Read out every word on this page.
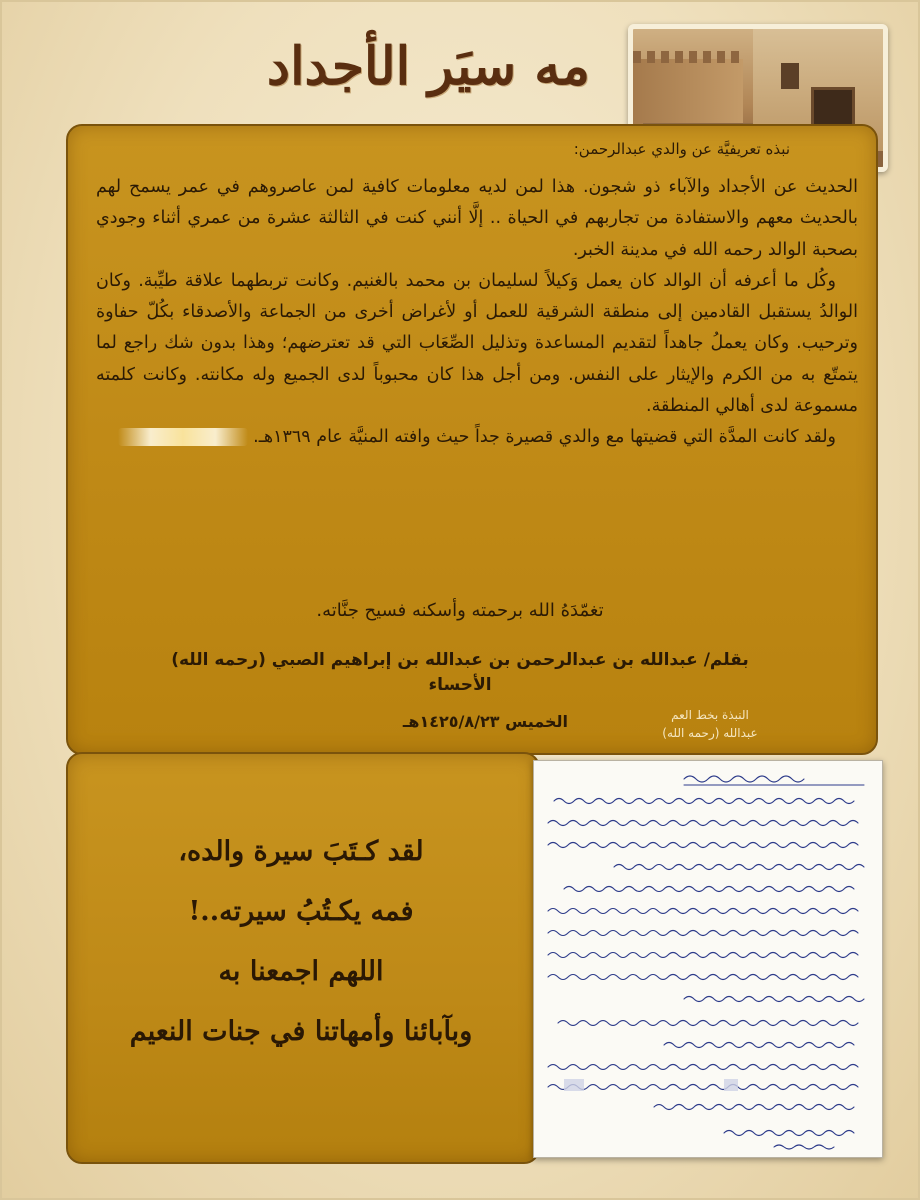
مه سيَر الأجداد
نبذه تعريفيَّة عن والدي عبدالرحمن:

الحديث عن الأجداد والآباء ذو شجون. هذا لمن لديه معلومات كافية لمن عاصروهم في عمر يسمح لهم بالحديث معهم والاستفادة من تجاربهم في الحياة .. إلَّا أنني كنت في الثالثة عشرة من عمري أثناء وجودي بصحبة الوالد رحمه الله في مدينة الخبر.

وكُل ما أعرفه أن الوالد كان يعمل وَكيلاً لسليمان بن محمد بالغنيم. وكانت تربطهما علاقة طيِّبة. وكان الوالدُ يستقبل القادمين إلى منطقة الشرقية للعمل أو لأغراض أخرى من الجماعة والأصدقاء بكُلّ حفاوة وترحيب. وكان يعملُ جاهداً لتقديم المساعدة وتذليل الصِّعَاب التي قد تعترضهم؛ وهذا بدون شك راجع لما يتمتّع به من الكرم والإيثار على النفس. ومن أجل هذا كان محبوباً لدى الجميع وله مكانته. وكانت كلمته مسموعة لدى أهالي المنطقة.

ولقد كانت المدَّة التي قضيتها مع والدي قصيرة جداً حيث وافته المنيَّة عام ١٣٦٩هـ.

تغمّدَهُ الله برحمته وأسكنه فسيح جنَّاته.
بقلم/ عبدالله بن عبدالرحمن بن عبدالله بن إبراهيم الصبي (رحمه الله)
الأحساء
الخميس ١٤٢٥/٨/٢٣هـ	النبذة بخط العم
عبدالله (رحمه الله)
لقد كـتَبَ سيرة والده،
فمه يكـتُبُ سيرته..!
اللهم اجمعنا به
وبآبائنا وأمهاتنا في جنات النعيم
